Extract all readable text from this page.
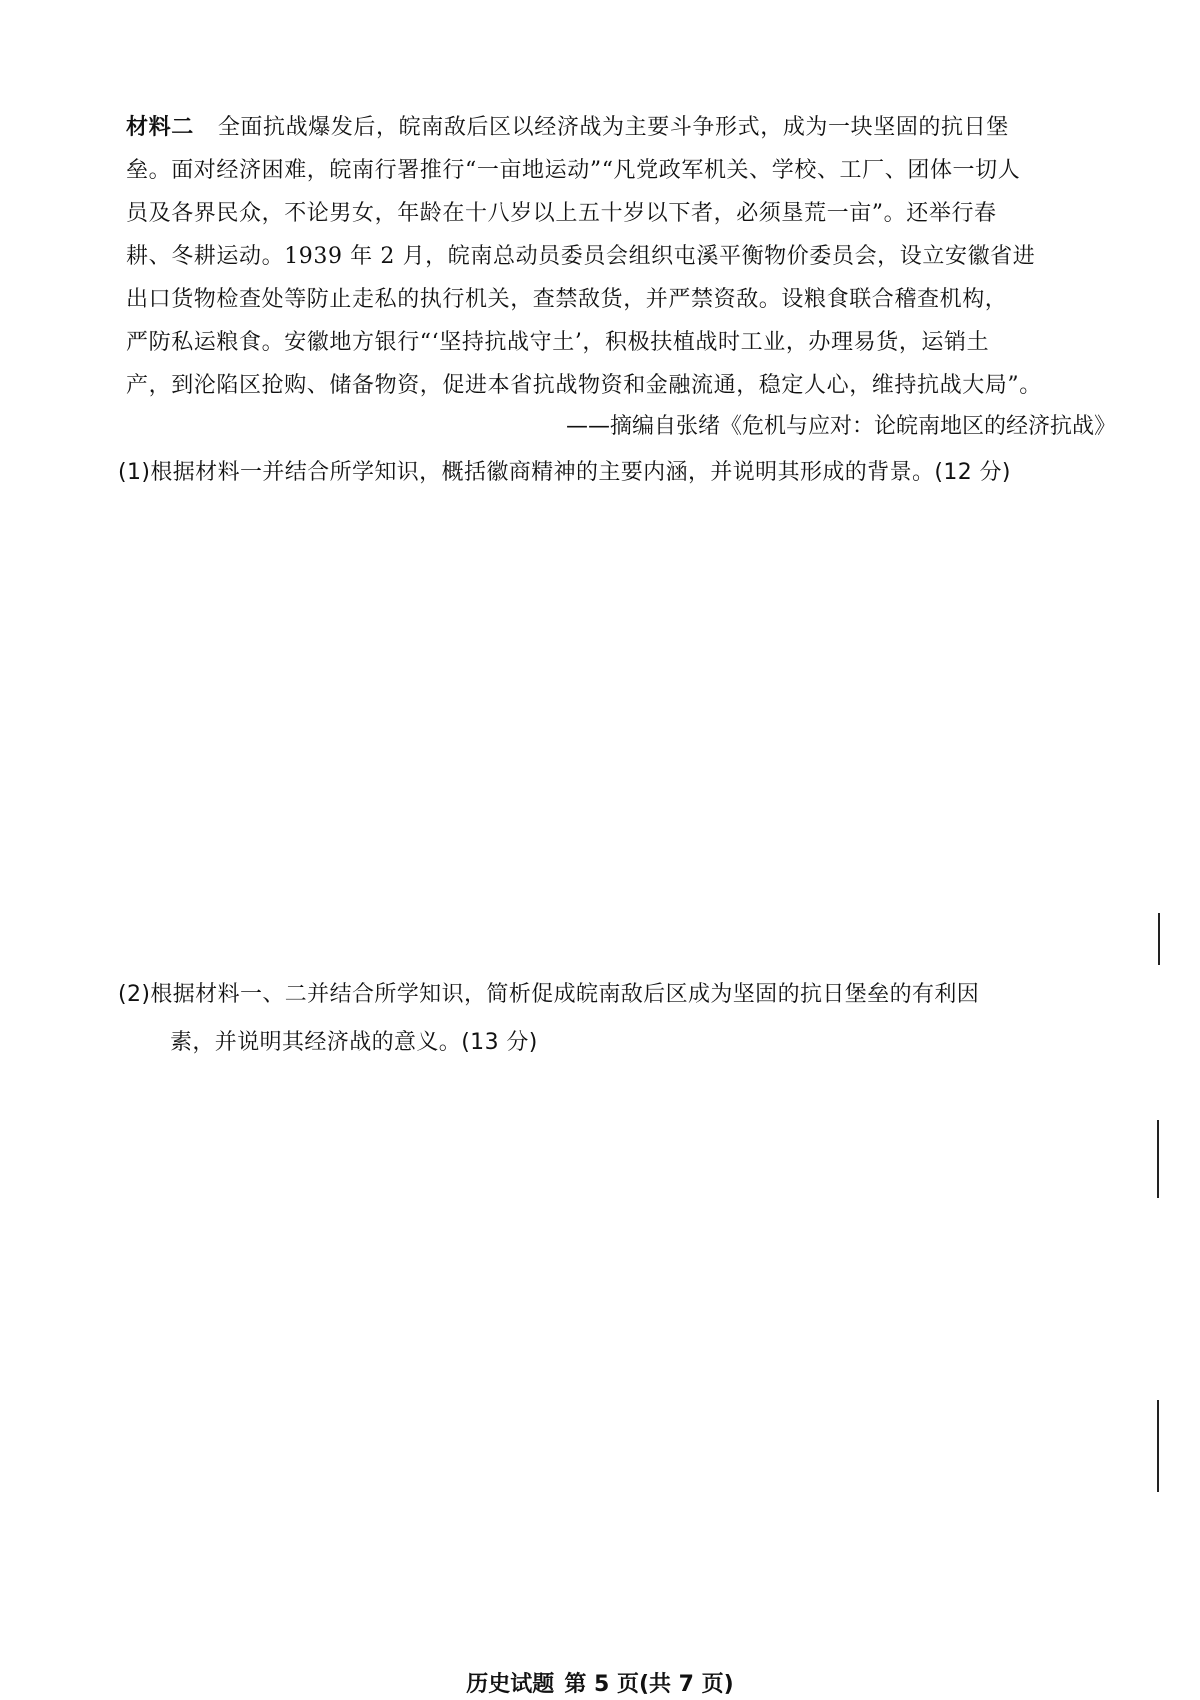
材料二 全面抗战爆发后，皖南敌后区以经济战为主要斗争形式，成为一块坚固的抗日堡
垒。面对经济困难，皖南行署推行“一亩地运动”“凡党政军机关、学校、工厂、团体一切人
员及各界民众，不论男女，年龄在十八岁以上五十岁以下者，必须垦荒一亩”。还举行春
耕、冬耕运动。1939 年 2 月，皖南总动员委员会组织屯溪平衡物价委员会，设立安徽省进
出口货物检查处等防止走私的执行机关，查禁敌货，并严禁资敌。设粮食联合稽查机构，
严防私运粮食。安徽地方银行“‘坚持抗战守土’，积极扶植战时工业，办理易货，运销土
产，到沦陷区抢购、储备物资，促进本省抗战物资和金融流通，稳定人心，维持抗战大局”。
——摘编自张绪《危机与应对：论皖南地区的经济抗战》
(1)根据材料一并结合所学知识，概括徽商精神的主要内涵，并说明其形成的背景。(12 分)
(2)根据材料一、二并结合所学知识，简析促成皖南敌后区成为坚固的抗日堡垒的有利因
素，并说明其经济战的意义。(13 分)
历史试题 第 5 页(共 7 页)
